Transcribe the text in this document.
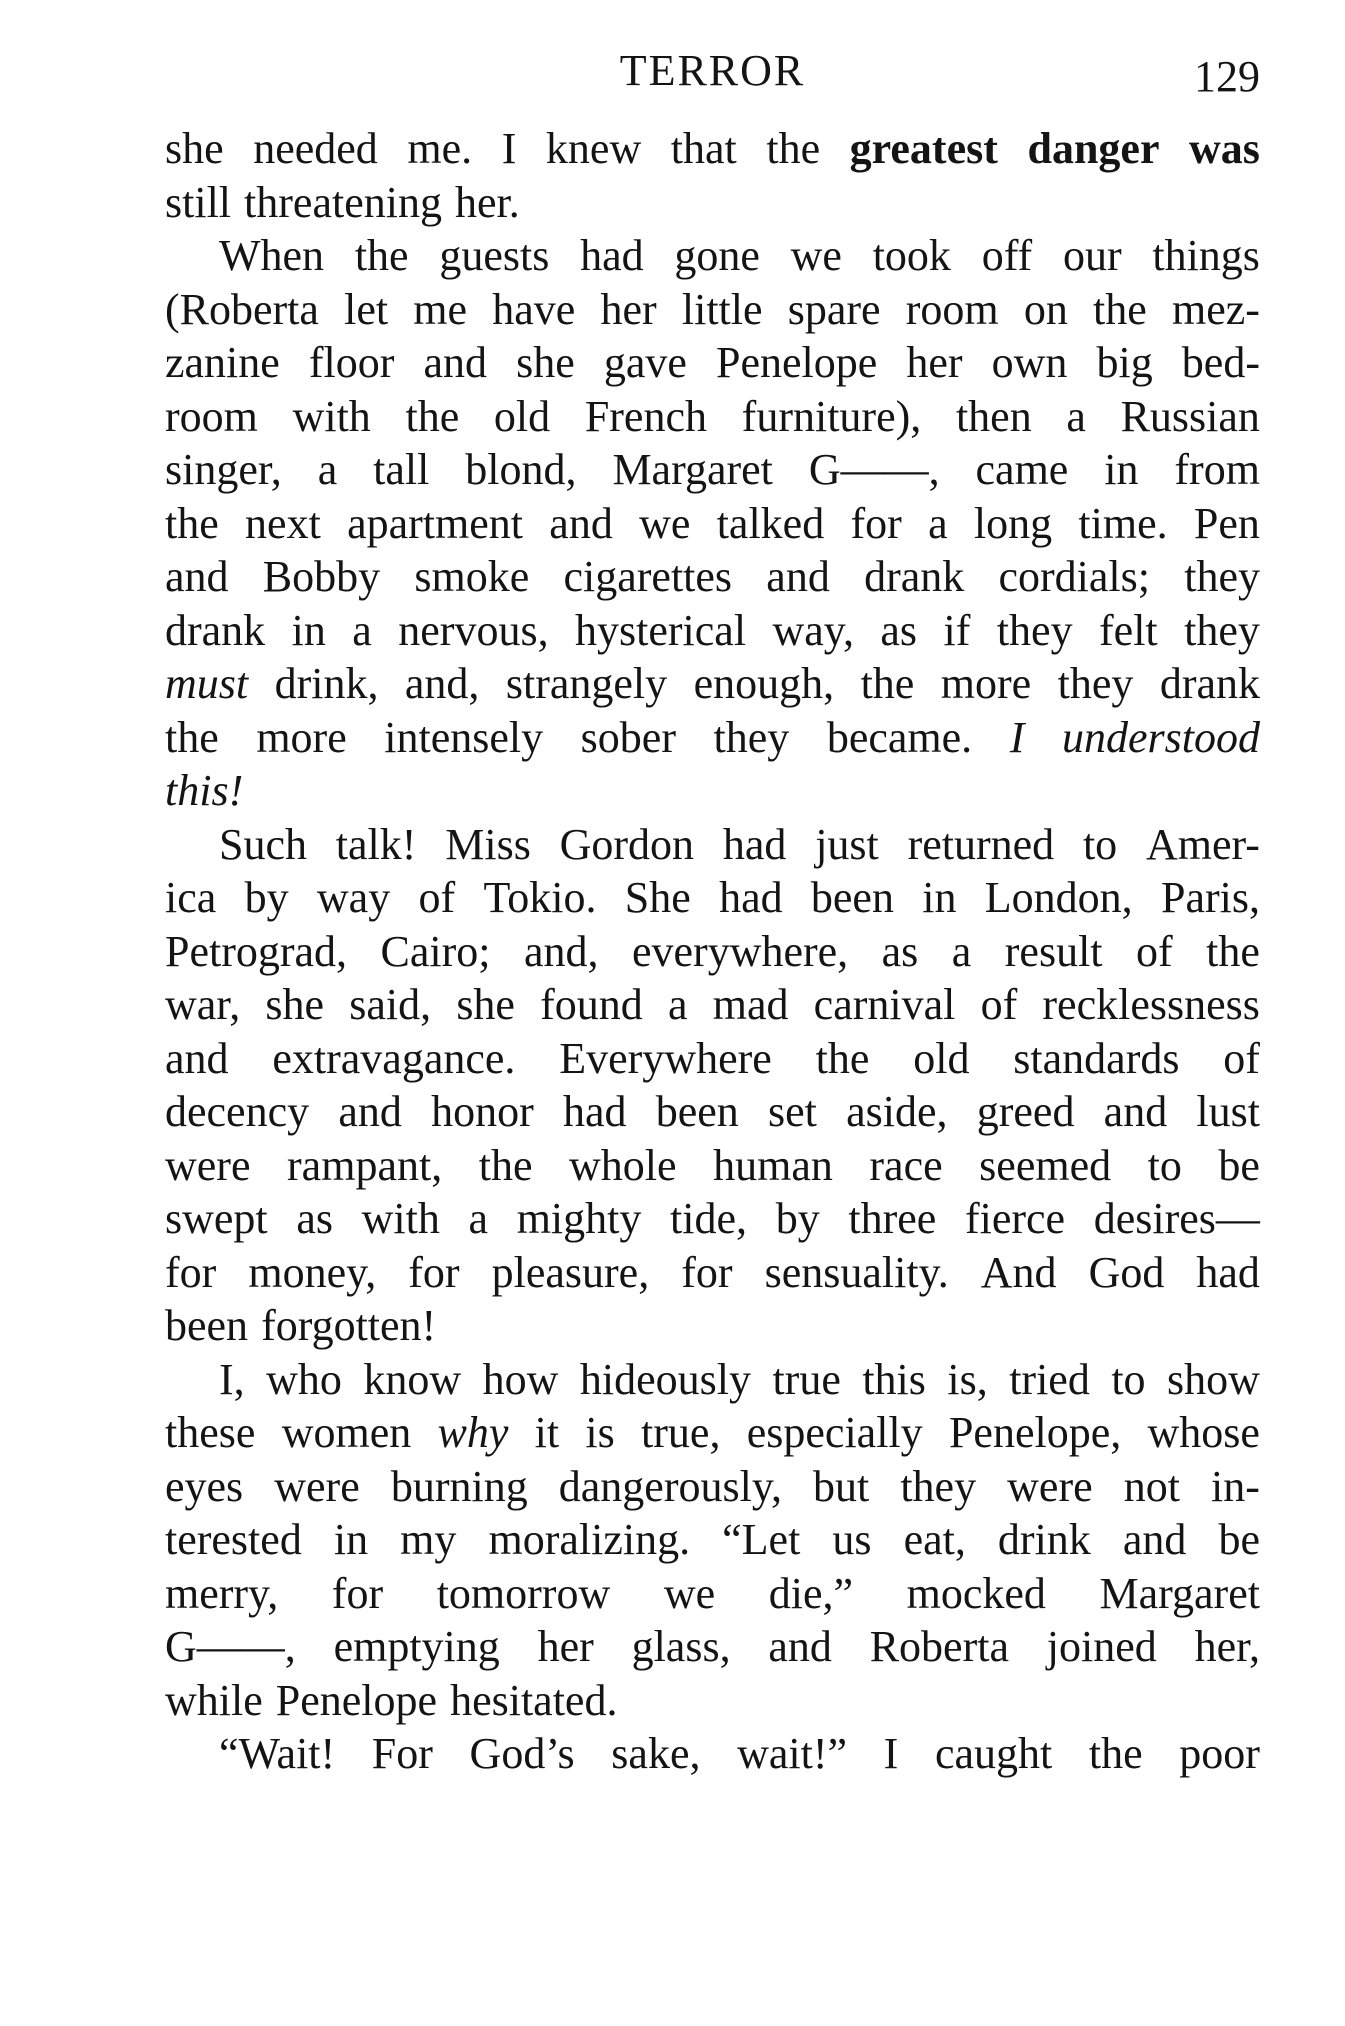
TERROR	129
she needed me. I knew that the greatest danger was
still threatening her.
When the guests had gone we took off our things
(Roberta let me have her little spare room on the mez-
zanine floor and she gave Penelope her own big bed-
room with the old French furniture), then a Russian
singer, a tall blond, Margaret G——, came in from
the next apartment and we talked for a long time. Pen
and Bobby smoke cigarettes and drank cordials; they
drank in a nervous, hysterical way, as if they felt they
must drink, and, strangely enough, the more they drank
the more intensely sober they became. I understood
this!
Such talk! Miss Gordon had just returned to Amer-
ica by way of Tokio. She had been in London, Paris,
Petrograd, Cairo; and, everywhere, as a result of the
war, she said, she found a mad carnival of recklessness
and extravagance. Everywhere the old standards of
decency and honor had been set aside, greed and lust
were rampant, the whole human race seemed to be
swept as with a mighty tide, by three fierce desires—
for money, for pleasure, for sensuality. And God had
been forgotten!
I, who know how hideously true this is, tried to show
these women why it is true, especially Penelope, whose
eyes were burning dangerously, but they were not in-
terested in my moralizing. “Let us eat, drink and be
merry, for tomorrow we die,” mocked Margaret
G——, emptying her glass, and Roberta joined her,
while Penelope hesitated.
“Wait! For God’s sake, wait!” I caught the poor
